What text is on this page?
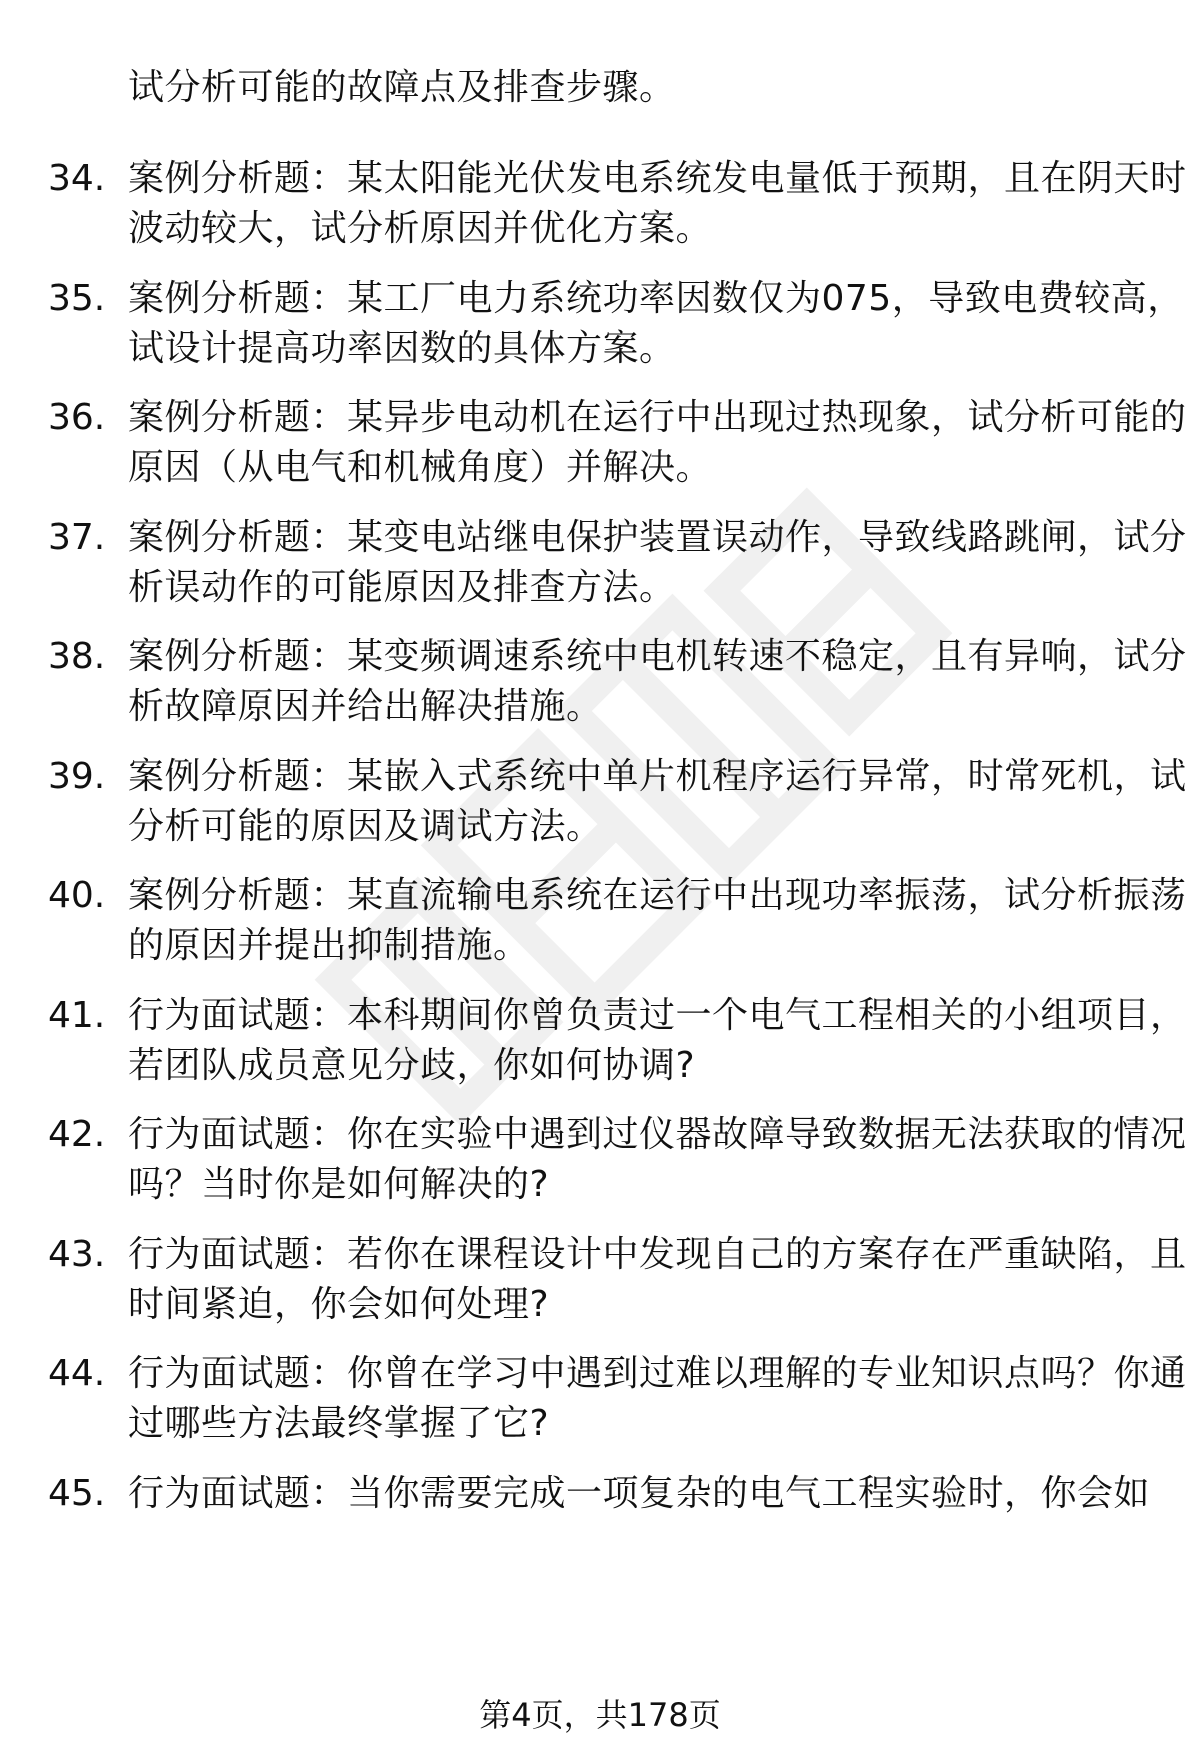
试分析可能的故障点及排查步骤。
34. 案例分析题：某太阳能光伏发电系统发电量低于预期，且在阴天时波动较大，试分析原因并优化方案。
35. 案例分析题：某工厂电力系统功率因数仅为075，导致电费较高，试设计提高功率因数的具体方案。
36. 案例分析题：某异步电动机在运行中出现过热现象，试分析可能的原因（从电气和机械角度）并解决。
37. 案例分析题：某变电站继电保护装置误动作，导致线路跳闸，试分析误动作的可能原因及排查方法。
38. 案例分析题：某变频调速系统中电机转速不稳定，且有异响，试分析故障原因并给出解决措施。
39. 案例分析题：某嵌入式系统中单片机程序运行异常，时常死机，试分析可能的原因及调试方法。
40. 案例分析题：某直流输电系统在运行中出现功率振荡，试分析振荡的原因并提出抑制措施。
41. 行为面试题：本科期间你曾负责过一个电气工程相关的小组项目，若团队成员意见分歧，你如何协调?
42. 行为面试题：你在实验中遇到过仪器故障导致数据无法获取的情况吗？当时你是如何解决的?
43. 行为面试题：若你在课程设计中发现自己的方案存在严重缺陷，且时间紧迫，你会如何处理?
44. 行为面试题：你曾在学习中遇到过难以理解的专业知识点吗？你通过哪些方法最终掌握了它?
45. 行为面试题：当你需要完成一项复杂的电气工程实验时，你会如
第4页，共178页
